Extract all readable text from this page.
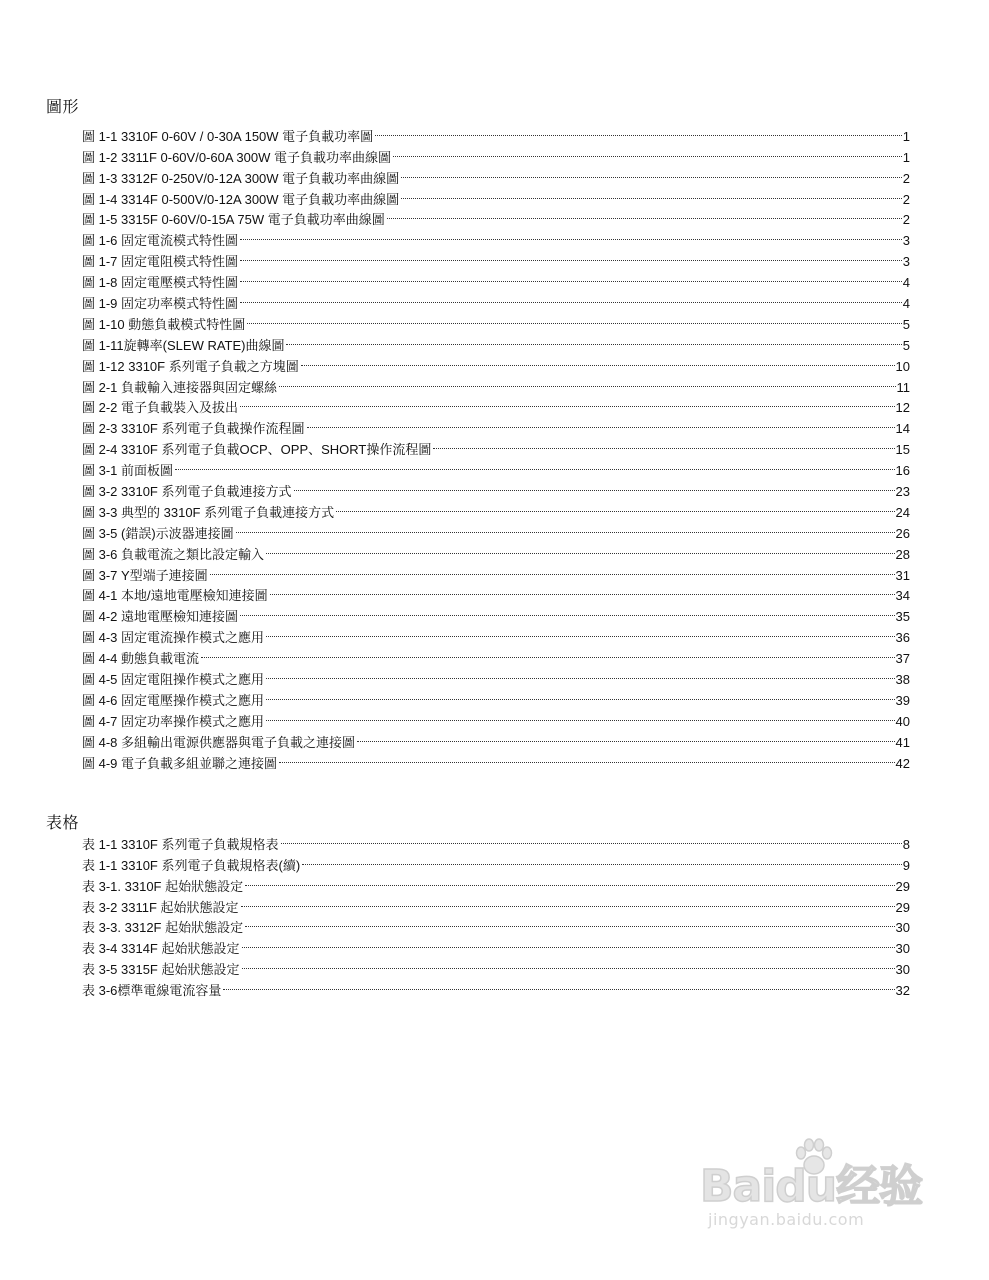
圖形
圖 1-1 3310F 0-60V / 0-30A 150W 電子負載功率圖	1
圖 1-2 3311F 0-60V/0-60A 300W 電子負載功率曲線圖	1
圖 1-3 3312F 0-250V/0-12A 300W 電子負載功率曲線圖	2
圖 1-4 3314F 0-500V/0-12A 300W 電子負載功率曲線圖	2
圖 1-5 3315F 0-60V/0-15A 75W 電子負載功率曲線圖	2
圖 1-6 固定電流模式特性圖	3
圖 1-7 固定電阻模式特性圖	3
圖 1-8 固定電壓模式特性圖	4
圖 1-9 固定功率模式特性圖	4
圖 1-10 動態負載模式特性圖	5
圖 1-11旋轉率(SLEW RATE)曲線圖	5
圖 1-12 3310F 系列電子負載之方塊圖	10
圖 2-1 負載輸入連接器與固定螺絲	11
圖 2-2 電子負載裝入及拔出	12
圖 2-3 3310F 系列電子負載操作流程圖	14
圖 2-4 3310F 系列電子負載OCP、OPP、SHORT操作流程圖	15
圖 3-1 前面板圖	16
圖 3-2 3310F 系列電子負載連接方式	23
圖 3-3 典型的 3310F 系列電子負載連接方式	24
圖 3-5 (錯誤)示波器連接圖	26
圖 3-6 負載電流之類比設定輸入	28
圖 3-7 Y型端子連接圖	31
圖 4-1 本地/遠地電壓檢知連接圖	34
圖 4-2 遠地電壓檢知連接圖	35
圖 4-3 固定電流操作模式之應用	36
圖 4-4 動態負載電流	37
圖 4-5 固定電阻操作模式之應用	38
圖 4-6 固定電壓操作模式之應用	39
圖 4-7 固定功率操作模式之應用	40
圖 4-8 多組輸出電源供應器與電子負載之連接圖	41
圖 4-9 電子負載多組並聯之連接圖	42
表格
表 1-1 3310F 系列電子負載規格表	8
表 1-1 3310F 系列電子負載規格表(續)	9
表 3-1. 3310F 起始狀態設定	29
表 3-2 3311F 起始狀態設定	29
表 3-3. 3312F 起始狀態設定	30
表 3-4 3314F 起始狀態設定	30
表 3-5 3315F 起始狀態設定	30
表 3-6標準電線電流容量	32
Baidu经验
jingyan.baidu.com
